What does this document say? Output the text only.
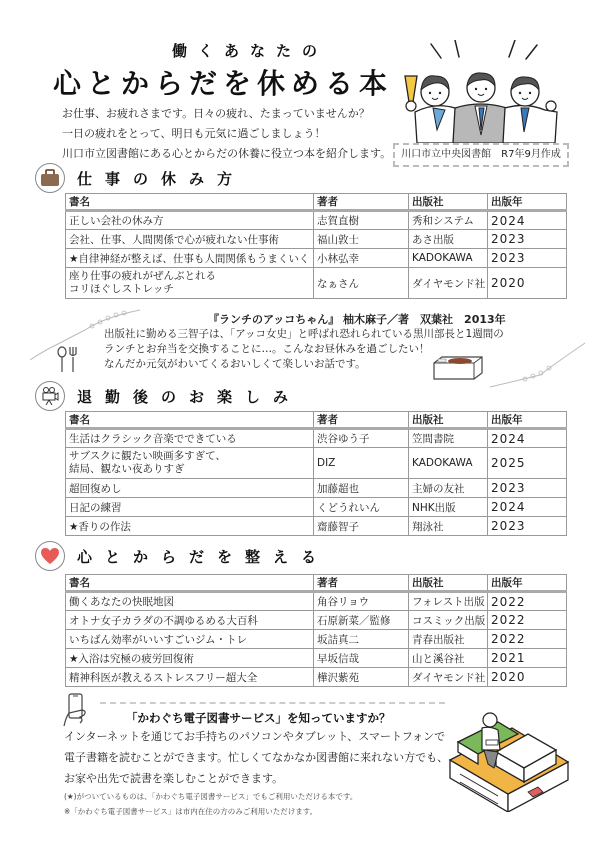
働くあなたの
心とからだを休める本
お仕事、お疲れさまです。日々の疲れ、たまっていませんか？
一日の疲れをとって、明日も元気に過ごしましょう！
川口市立図書館にある心とからだの休養に役立つ本を紹介します。	川口市立中央図書館　R7年9月作成
仕事の休み方
書名	著者	出版社	出版年
正しい会社の休み方	志賀直樹	秀和システム	2024
会社、仕事、人間関係で心が疲れない仕事術	福山敦士	あさ出版	2023
★自律神経が整えば、仕事も人間関係もうまくいく	小林弘幸	KADOKAWA	2023

座り仕事の疲れがぜんぶとれる
コリほぐしストレッチ	なぁさん	ダイヤモンド社	2020
『ランチのアッコちゃん』 柚木麻子／著　双葉社　2013年
出版社に勤める三智子は、「アッコ女史」と呼ばれ恐れられている黒川部長と1週間の
ランチとお弁当を交換することに…。こんなお昼休みを過ごしたい！
なんだか元気がわいてくるおいしくて楽しいお話です。
退勤後のお楽しみ
書名	著者	出版社	出版年
生活はクラシック音楽でできている	渋谷ゆう子	笠間書院	2024

サブスクに観たい映画多すぎて、
結局、観ない夜ありすぎ	DIZ	KADOKAWA	2025
超回復めし	加藤超也	主婦の友社	2023
日記の練習	くどうれいん	NHK出版	2024
★香りの作法	齋藤智子	翔泳社	2023
心とからだを整える
書名	著者	出版社	出版年
働くあなたの快眠地図	角谷リョウ	フォレスト出版	2022
オトナ女子カラダの不調ゆるめる大百科	石原新菜／監修	コスミック出版	2022
いちばん効率がいいすごいジム・トレ	坂詰真二	青春出版社	2022
★入浴は究極の疲労回復術	早坂信哉	山と溪谷社	2021
精神科医が教えるストレスフリー超大全	樺沢紫苑	ダイヤモンド社	2020
「かわぐち電子図書サービス」を知っていますか？
インターネットを通じてお手持ちのパソコンやタブレット、スマートフォンで
電子書籍を読むことができます。忙しくてなかなか図書館に来れない方でも、
お家や出先で読書を楽しむことができます。
(★)がついているものは、「かわぐち電子図書サービス」でもご利用いただける本です。
※「かわぐち電子図書サービス」は市内在住の方のみご利用いただけます。
